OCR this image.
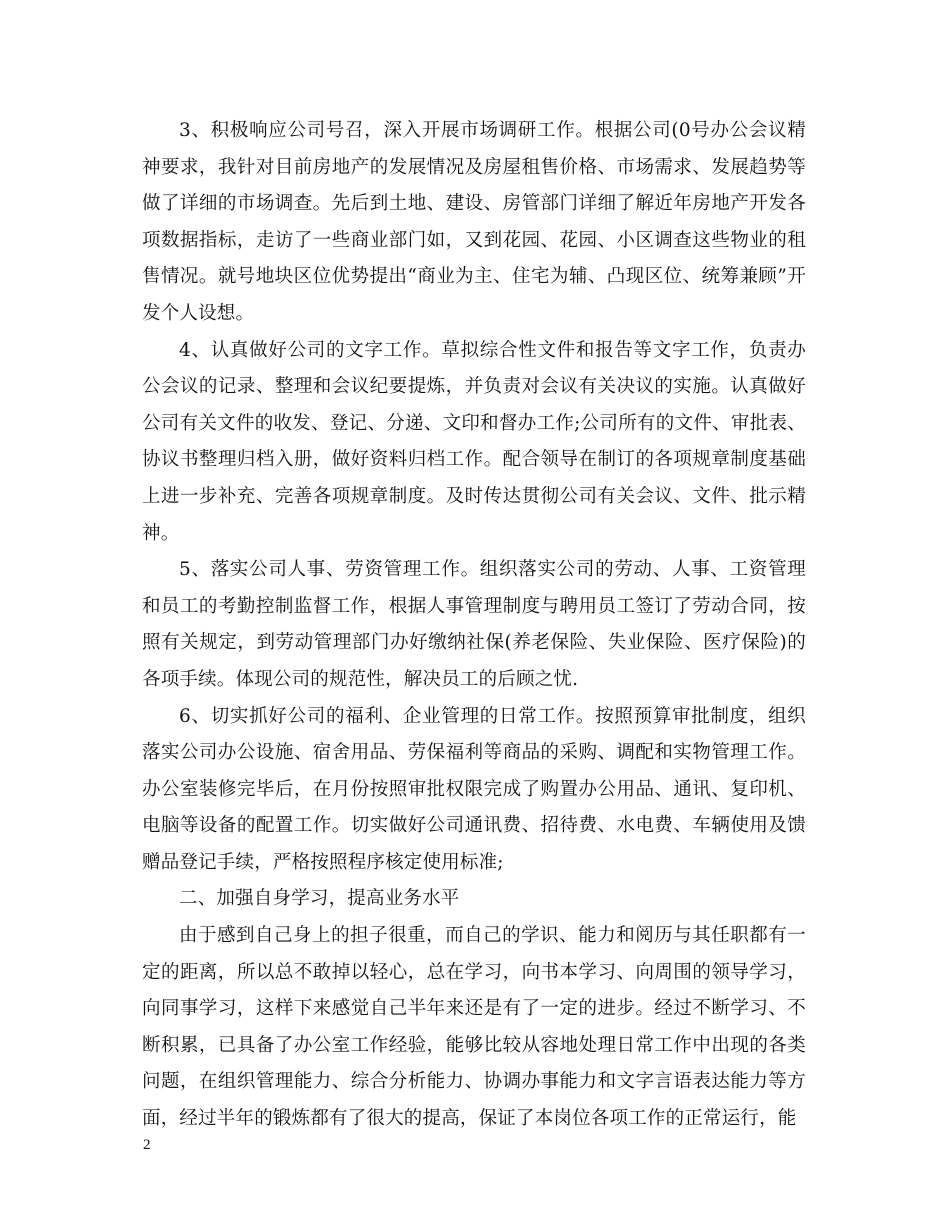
3、积极响应公司号召，深入开展市场调研工作。根据公司(0号办公会议精神要求，我针对目前房地产的发展情况及房屋租售价格、市场需求、发展趋势等做了详细的市场调查。先后到土地、建设、房管部门详细了解近年房地产开发各项数据指标，走访了一些商业部门如，又到花园、花园、小区调查这些物业的租售情况。就号地块区位优势提出“商业为主、住宅为辅、凸现区位、统筹兼顾”开发个人设想。

4、认真做好公司的文字工作。草拟综合性文件和报告等文字工作，负责办公会议的记录、整理和会议纪要提炼，并负责对会议有关决议的实施。认真做好公司有关文件的收发、登记、分递、文印和督办工作;公司所有的文件、审批表、协议书整理归档入册，做好资料归档工作。配合领导在制订的各项规章制度基础上进一步补充、完善各项规章制度。及时传达贯彻公司有关会议、文件、批示精神。

5、落实公司人事、劳资管理工作。组织落实公司的劳动、人事、工资管理和员工的考勤控制监督工作，根据人事管理制度与聘用员工签订了劳动合同，按照有关规定，到劳动管理部门办好缴纳社保(养老保险、失业保险、医疗保险)的各项手续。体现公司的规范性，解决员工的后顾之忧.

6、切实抓好公司的福利、企业管理的日常工作。按照预算审批制度，组织落实公司办公设施、宿舍用品、劳保福利等商品的采购、调配和实物管理工作。办公室装修完毕后，在月份按照审批权限完成了购置办公用品、通讯、复印机、电脑等设备的配置工作。切实做好公司通讯费、招待费、水电费、车辆使用及馈赠品登记手续，严格按照程序核定使用标准;

二、加强自身学习，提高业务水平

由于感到自己身上的担子很重，而自己的学识、能力和阅历与其任职都有一定的距离，所以总不敢掉以轻心，总在学习，向书本学习、向周围的领导学习，向同事学习，这样下来感觉自己半年来还是有了一定的进步。经过不断学习、不断积累，已具备了办公室工作经验，能够比较从容地处理日常工作中出现的各类问题，在组织管理能力、综合分析能力、协调办事能力和文字言语表达能力等方面，经过半年的锻炼都有了很大的提高，保证了本岗位各项工作的正常运行，能

2
